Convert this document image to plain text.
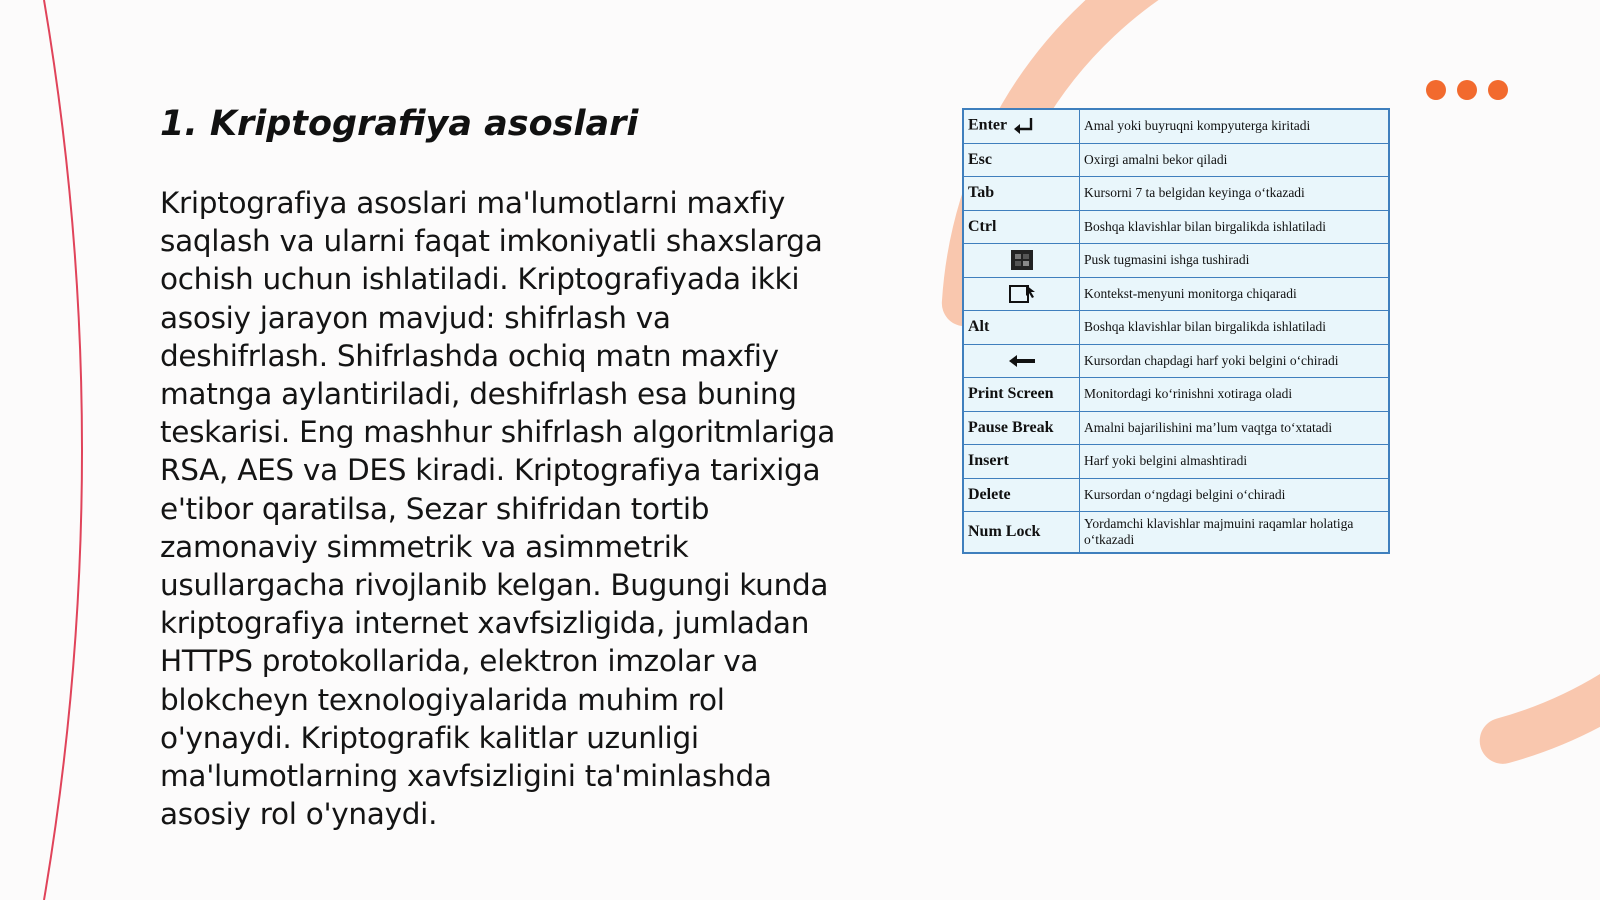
1. Kriptografiya asoslari

Kriptografiya asoslari ma'lumotlarni maxfiy saqlash va ularni faqat imkoniyatli shaxslarga ochish uchun ishlatiladi. Kriptografiyada ikki asosiy jarayon mavjud: shifrlash va deshifrlash. Shifrlashda ochiq matn maxfiy matnga aylantiriladi, deshifrlash esa buning teskarisi. Eng mashhur shifrlash algoritmlariga RSA, AES va DES kiradi. Kriptografiya tarixiga e'tibor qaratilsa, Sezar shifridan tortib zamonaviy simmetrik va asimmetrik usullargacha rivojlanib kelgan. Bugungi kunda kriptografiya internet xavfsizligida, jumladan HTTPS protokollarida, elektron imzolar va blokcheyn texnologiyalarida muhim rol o'ynaydi. Kriptografik kalitlar uzunligi ma'lumotlarning xavfsizligini ta'minlashda asosiy rol o'ynaydi.

Enter	Amal yoki buyruqni kompyuterga kiritadi
Esc	Oxirgi amalni bekor qiladi
Tab	Kursorni 7 ta belgidan keyinga o‘tkazadi
Ctrl	Boshqa klavishlar bilan birgalikda ishlatiladi
	Pusk tugmasini ishga tushiradi
	Kontekst-menyuni monitorga chiqaradi
Alt	Boshqa klavishlar bilan birgalikda ishlatiladi
	Kursordan chapdagi harf yoki belgini o‘chiradi
Print Screen	Monitordagi ko‘rinishni xotiraga oladi
Pause Break	Amalni bajarilishini ma’lum vaqtga to‘xtatadi
Insert	Harf yoki belgini almashtiradi
Delete	Kursordan o‘ngdagi belgini o‘chiradi
Num Lock	Yordamchi klavishlar majmuini raqamlar holatiga o‘tkazadi
